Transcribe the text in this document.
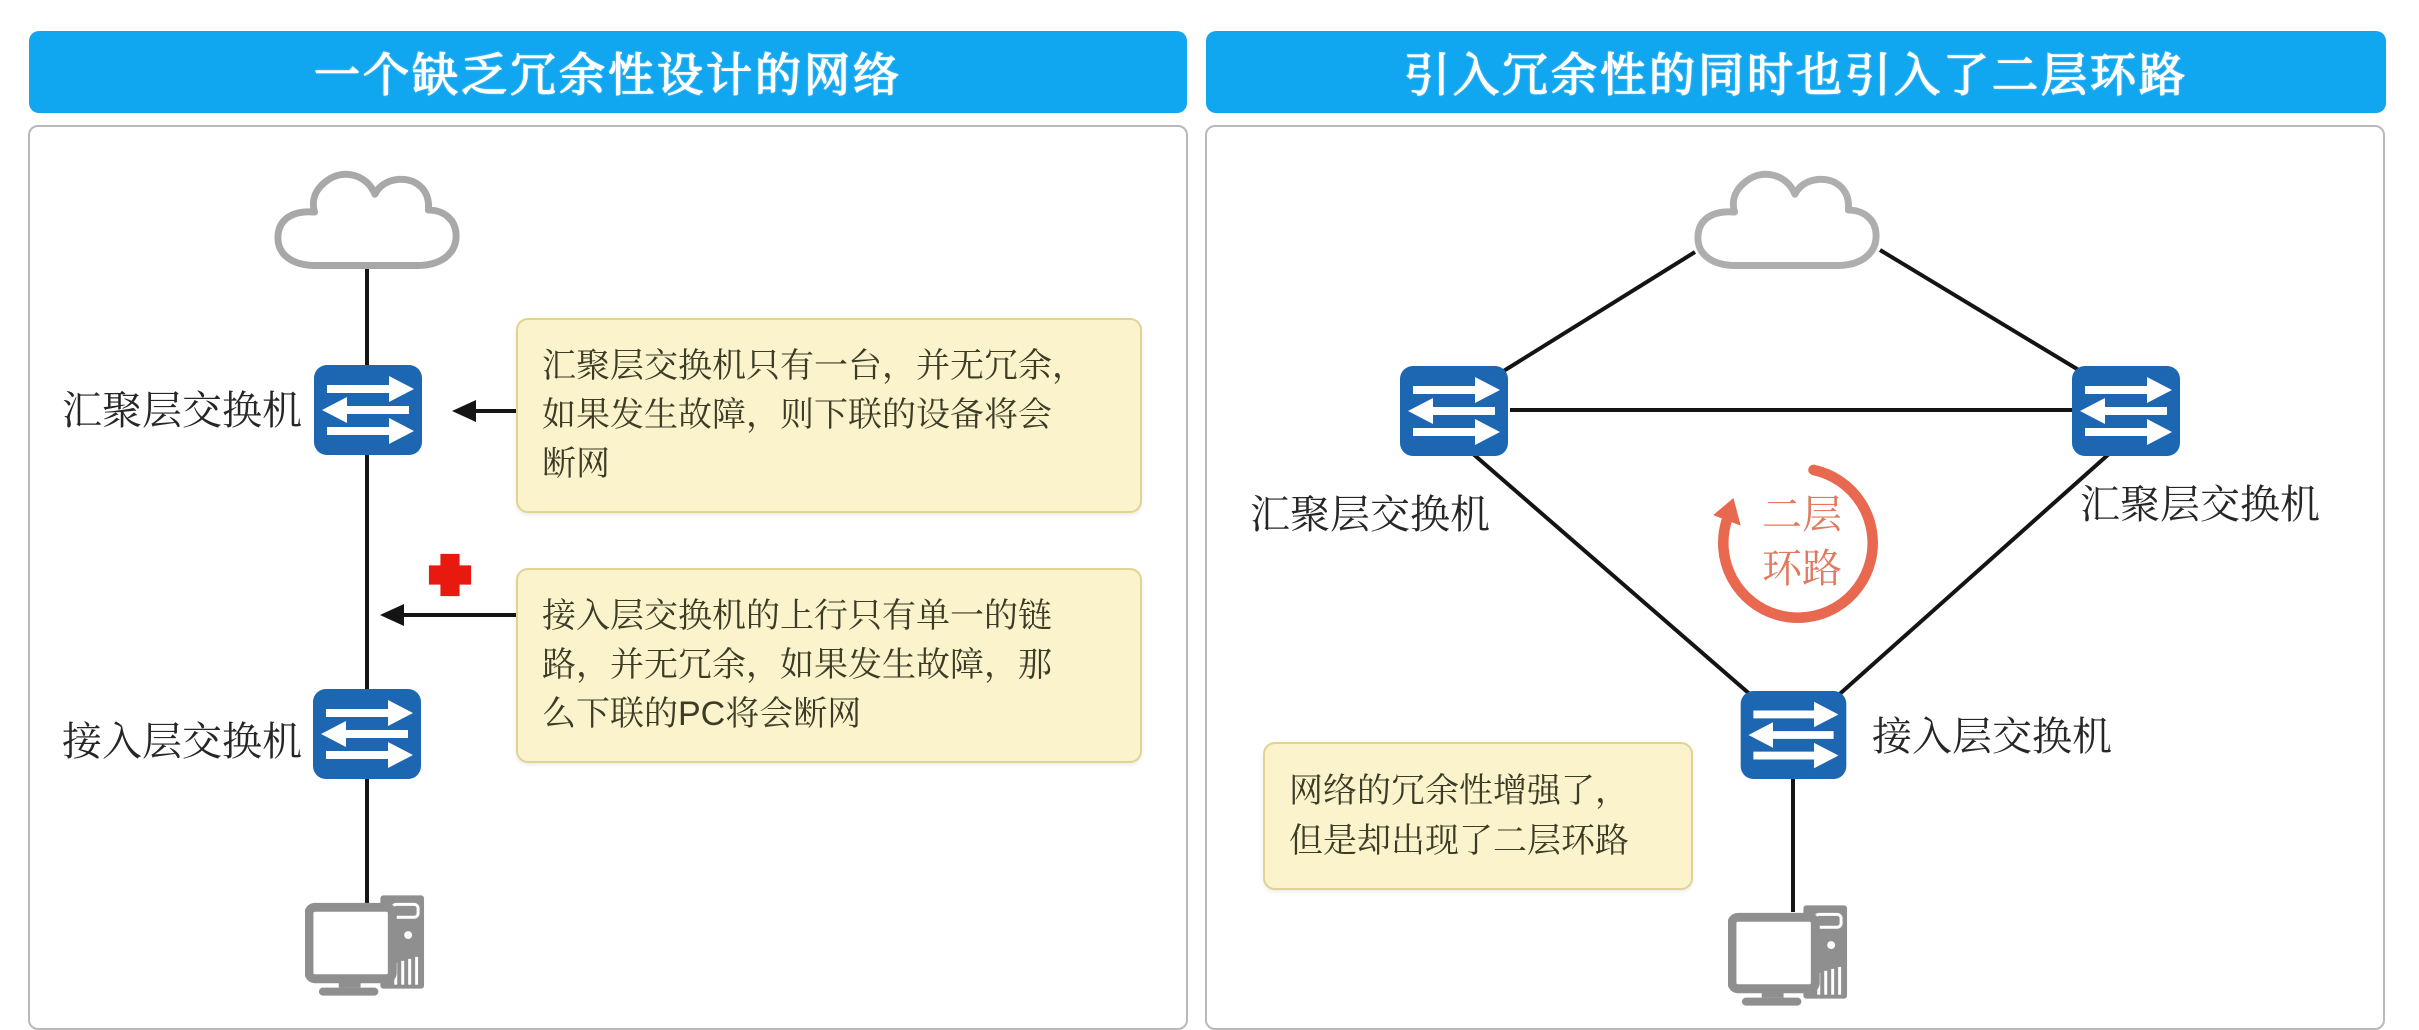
一个缺乏冗余性设计的网络	引入冗余性的同时也引入了二层环路
汇聚层交换机
接入层交换机
汇聚层交换机只有一台，并无冗余，
如果发生故障，则下联的设备将会
断网
接入层交换机的上行只有单一的链
路，并无冗余，如果发生故障，那
么下联的PC将会断网
汇聚层交换机	汇聚层交换机
二层
环路
接入层交换机
网络的冗余性增强了，
但是却出现了二层环路
